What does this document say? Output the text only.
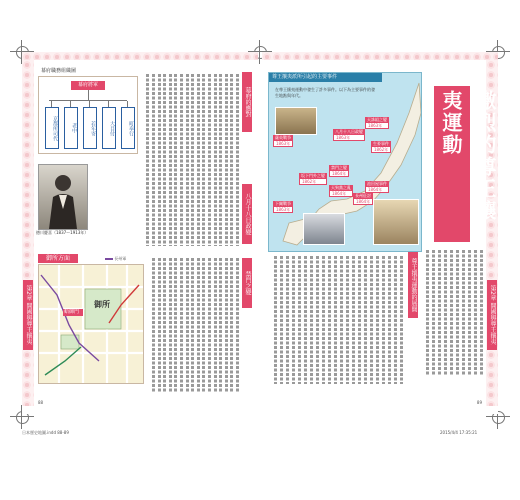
第2章 開國與尊王攘夷
幕府職務組織圖
幕府將軍
京都所司代	老中	若年寄	大目付	町奉行
德川慶喜（1837～1913年）
幕府的應對
八月十八日政變
御所方面
御所
蛤御門
長州軍
禁門之變
88
第2章 開國與尊王攘夷
尊王攘夷派所引起的主要事件
在尊王攘夷運動中發生了許多事件。以下為主要事件的發生地點與年代。
薩英戰爭
1863年	生麥事件
1862年
八月十八日政變
1863年
天誅組之變
1863年
禁門之變
1864年
池田屋事件
1864年
下關戰爭
1863年
長州征討
1864年
坂下門外之變
1862年
天狗黨之亂
1864年	激烈的尊王攘夷運動
尊王攘夷運動的展開
89
日本歷史地圖.indd 88-89	2015/4/4 17:35:21
